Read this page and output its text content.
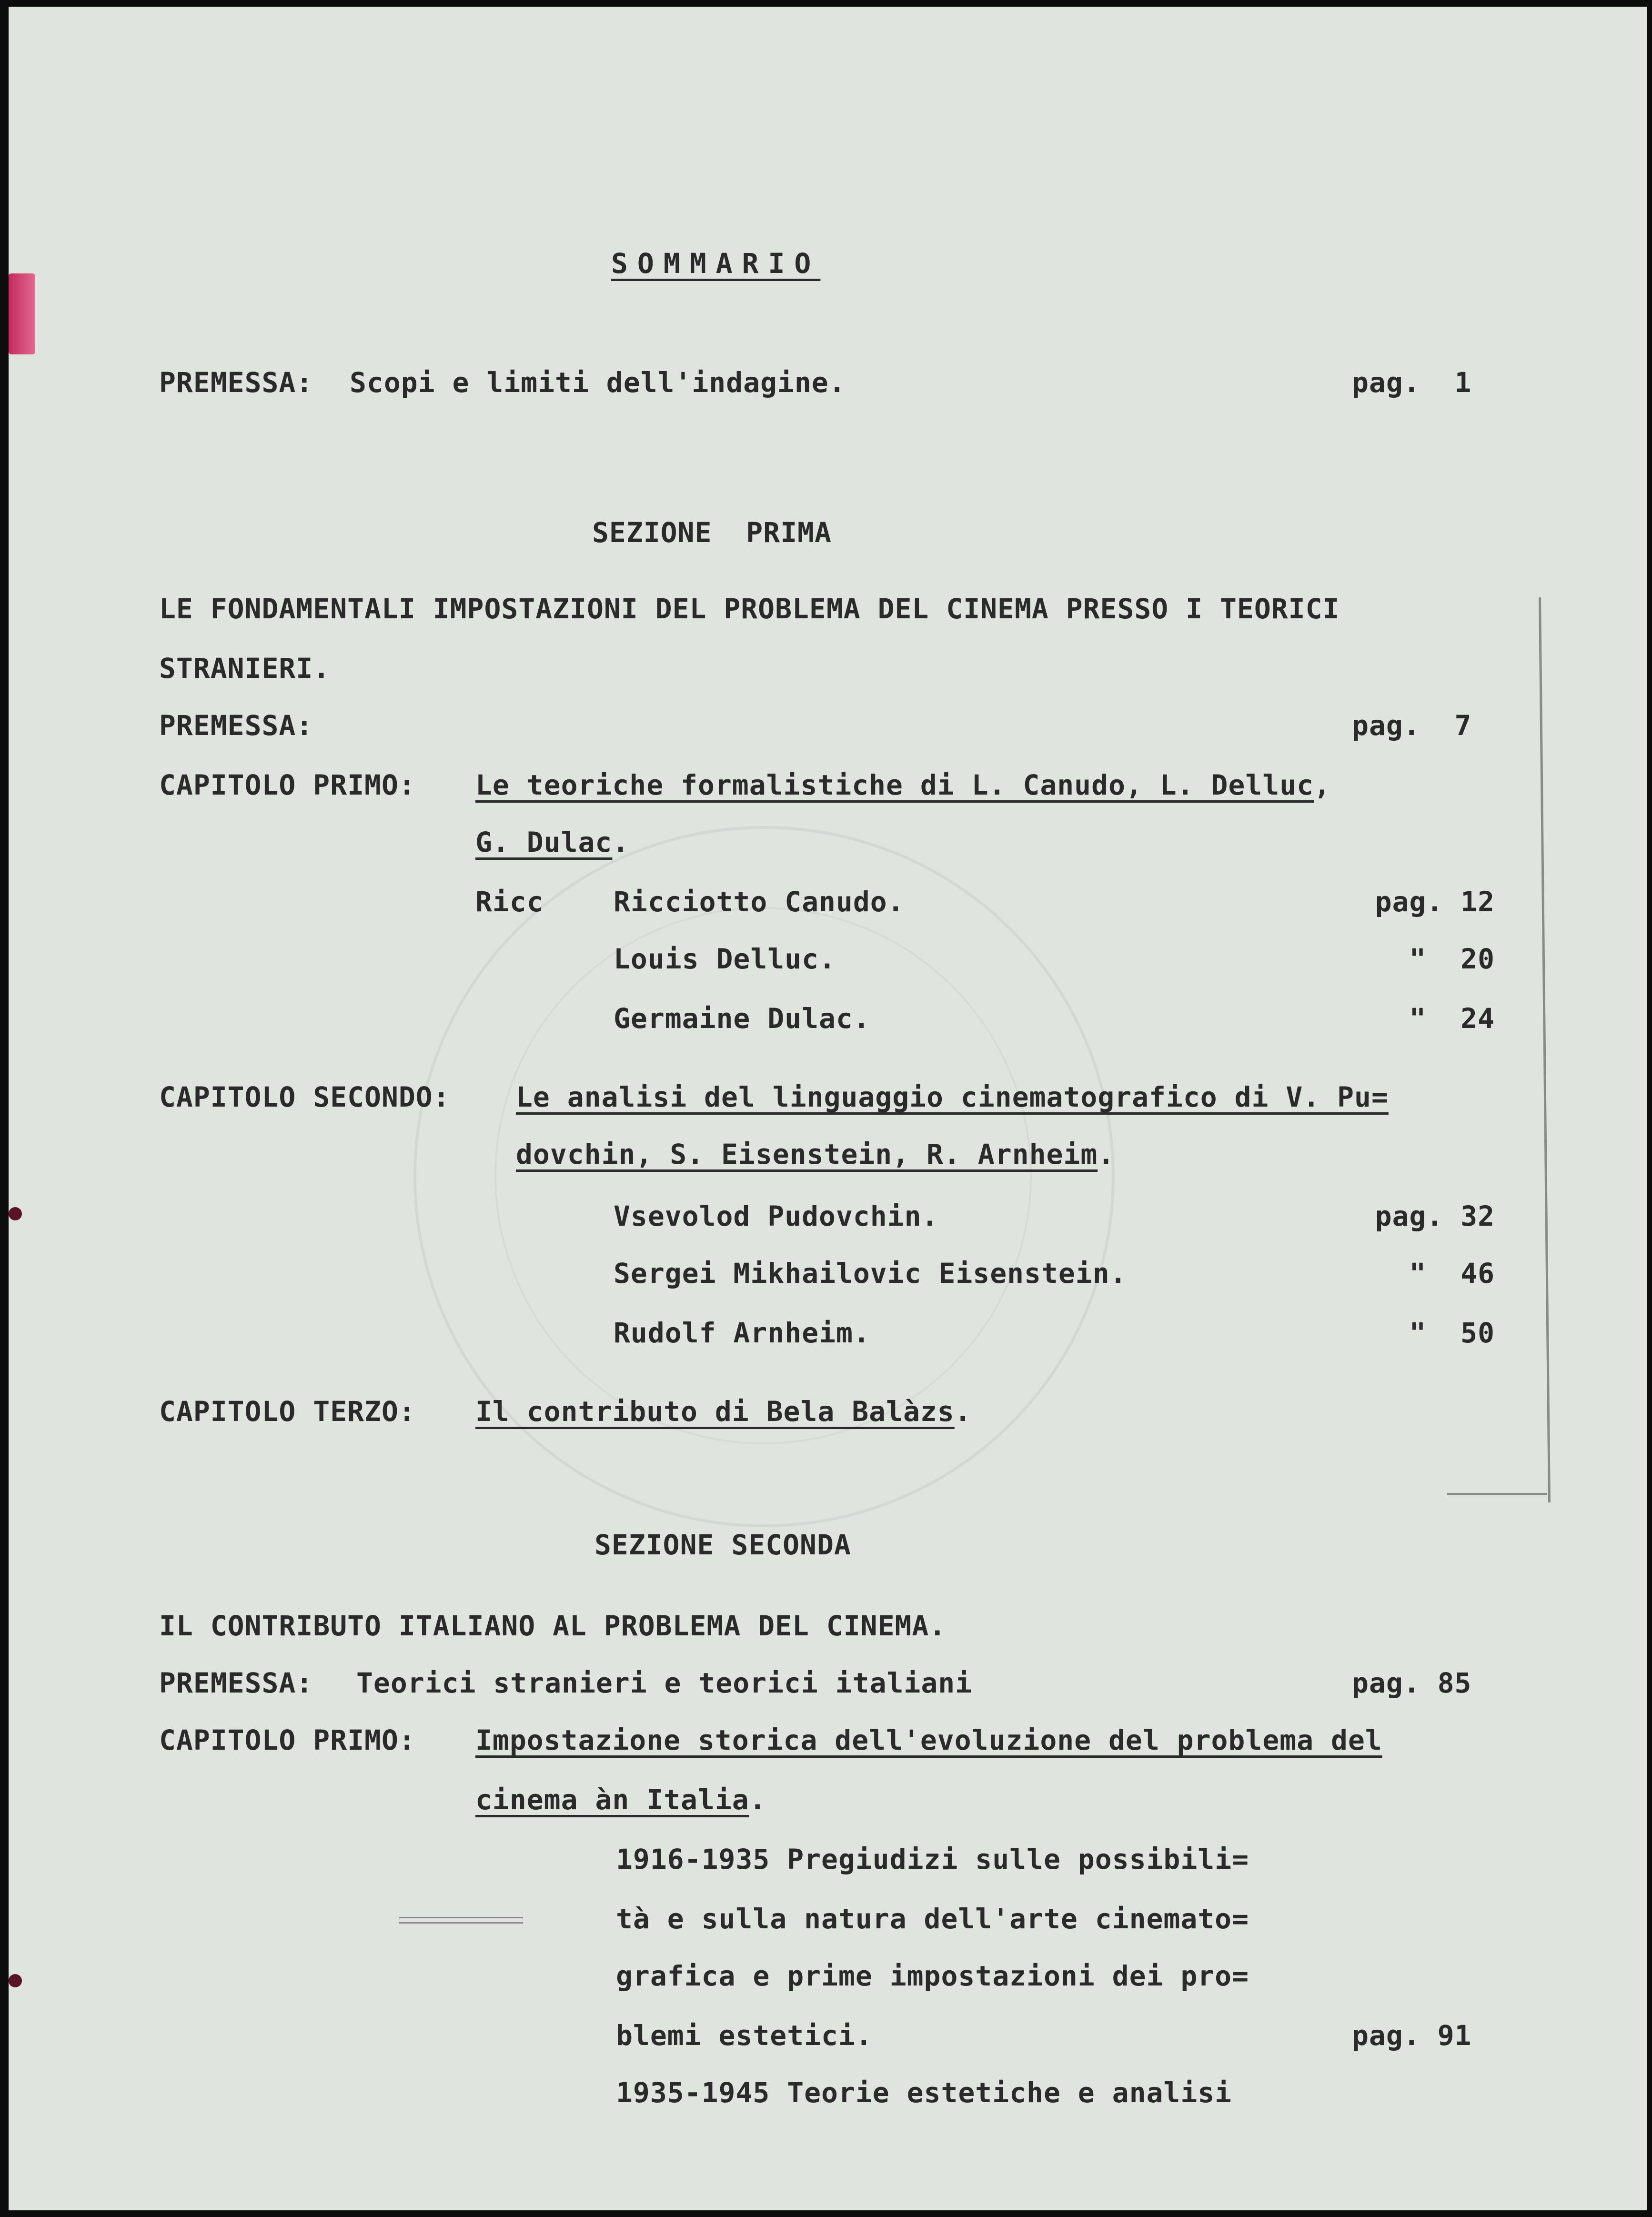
SOMMARIO
PREMESSA: Scopi e limiti dell'indagine.	pag.  1
SEZIONE  PRIMA
LE FONDAMENTALI IMPOSTAZIONI DEL PROBLEMA DEL CINEMA PRESSO I TEORICI
STRANIERI.
PREMESSA:	pag.  7
CAPITOLO PRIMO: Le teoriche formalistiche di L. Canudo, L. Delluc,
G. Dulac.
Ricc	Ricciotto Canudo.	pag. 12
Louis Delluc.	"  20
Germaine Dulac.	"  24
CAPITOLO SECONDO: Le analisi del linguaggio cinematografico di V. Pu=
dovchin, S. Eisenstein, R. Arnheim.
Vsevolod Pudovchin.	pag. 32
Sergei Mikhailovic Eisenstein.	"  46
Rudolf Arnheim.	"  50
CAPITOLO TERZO: Il contributo di Bela Balàzs.
SEZIONE SECONDA
IL CONTRIBUTO ITALIANO AL PROBLEMA DEL CINEMA.
PREMESSA: Teorici stranieri e teorici italiani	pag. 85
CAPITOLO PRIMO: Impostazione storica dell'evoluzione del problema del
cinema àn Italia.
1916-1935 Pregiudizi sulle possibili=
tà e sulla natura dell'arte cinemato=
grafica e prime impostazioni dei pro=
blemi estetici.	pag. 91
1935-1945 Teorie estetiche e analisi
